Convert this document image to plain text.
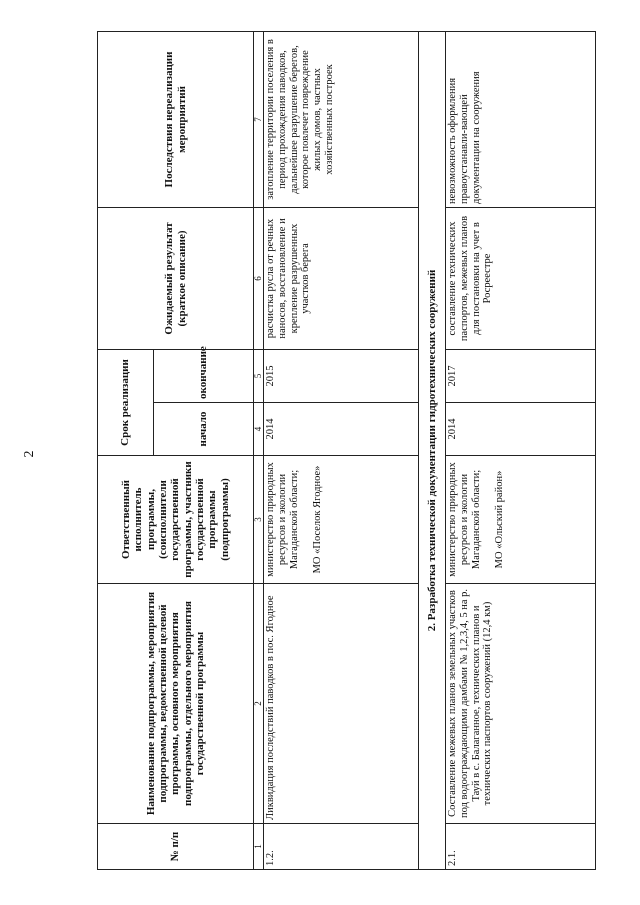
2
№ п/п	Наименование подпрограммы, мероприятия подпрограммы, ведомственной целевой программы, основного мероприятия подпрограммы, отдельного мероприятия государственной программы	Ответственный исполнитель программы, (соисполнители государственной программы, участники государственной программы (подпрограммы)	Срок реализации		Ожидаемый результат (краткое описание)	Последствия нереализации мероприятий
			начало	окончание		
1	2	3	4	5	6	7
1.2.	Ликвидация последствий паводков в пос. Ягодное	министерство природных ресурсов и экологии Магаданской области; МО «Поселок Ягодное»	2014	2015	расчистка русла от речных наносов, восстановление и крепление разрушенных участков берега	затопление территории поселения в период прохождения паводков, дальнейшее разрушение берегов, которое повлечет повреждение жилых домов, частных хозяйственных построек
2. Разработка технической документации гидротехнических сооружений						
2.1.	Составление межевых планов земельных участков под водоограждающими дамбами № 1,2,3,4, 5 на р. Тауй в с. Балаганное, технических планов и технических паспортов сооружений (12,4 км)	министерство природных ресурсов и экологии Магаданской области; МО «Ольский район»	2014	2017	составление технических паспортов, межевых планов для постановки на учет в Росреестре	невозможность оформления правоустанавли-вающей документации на сооружения
